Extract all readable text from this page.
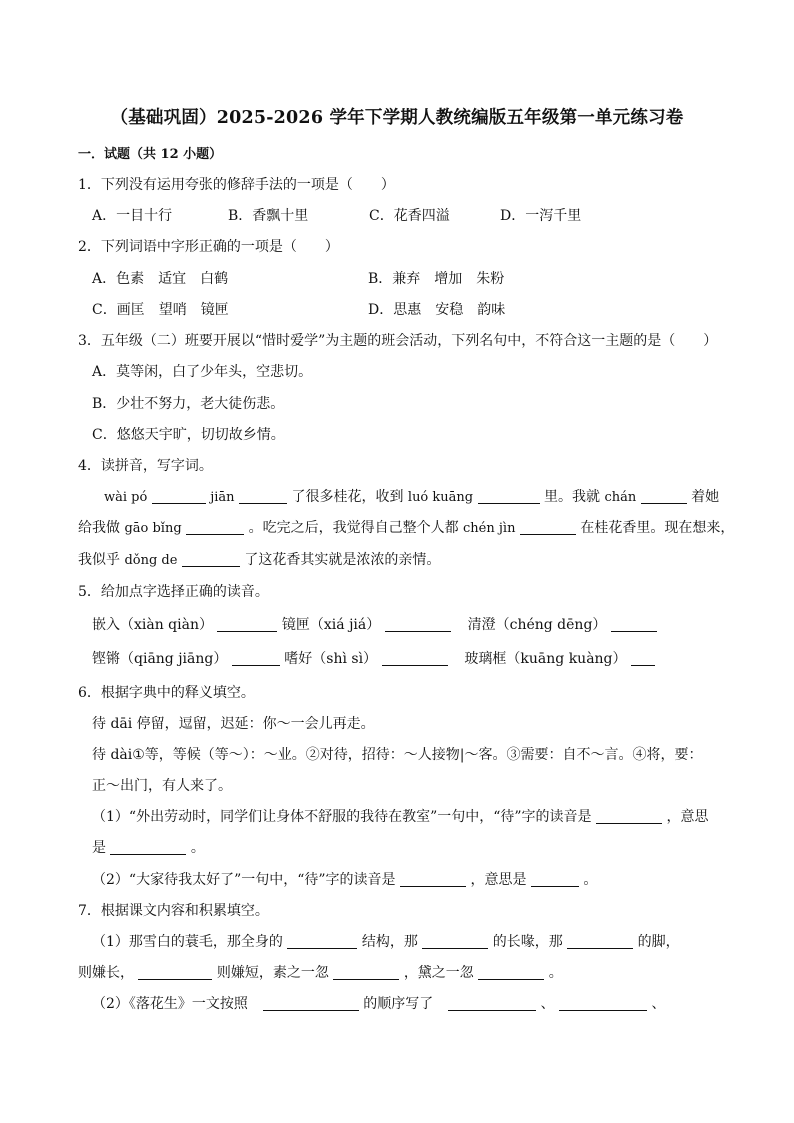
（基础巩固）2025-2026 学年下学期人教统编版五年级第一单元练习卷
一．试题（共 12 小题）
1．下列没有运用夸张的修辞手法的一项是（　　）
A．一目十行	B．香飘十里	C．花香四溢	D．一泻千里
2．下列词语中字形正确的一项是（　　）
A．色素　适宜　白鹤	B．兼弃　增加　朱粉
C．画匡　望哨　镜匣	D．思惠　安稳　韵味
3．五年级（二）班要开展以“惜时爱学”为主题的班会活动，下列名句中，不符合这一主题的是（　　）
A．莫等闲，白了少年头，空悲切。
B．少壮不努力，老大徒伤悲。
C．悠悠天宇旷，切切故乡情。
4．读拼音，写字词。
wài pó	jiān	了很多桂花，收到 luó kuāng	里。我就 chán	着她
给我做 gāo bǐng	。吃完之后，我觉得自己整个人都 chén jìn	在桂花香里。现在想来，
我似乎 dǒng de	了这花香其实就是浓浓的亲情。
5．给加点字选择正确的读音。
嵌入（xiàn qiàn）	镜匣（xiá jiá）	清澄（chéng dēng）
铿锵（qiāng jiāng）	嗜好（shì sì）	玻璃框（kuāng kuàng）
6．根据字典中的释义填空。
待 dāi 停留，逗留，迟延：你～一会儿再走。
待 dài①等，等候（等～）：～业。②对待，招待：～人接物|～客。③需要：自不～言。④将，要：
正～出门，有人来了。
（1）“外出劳动时，同学们让身体不舒服的我待在教室”一句中，“待”字的读音是	，意思
是	。
（2）“大家待我太好了”一句中，“待”字的读音是	，意思是	。
7．根据课文内容和积累填空。
（1）那雪白的蓑毛，那全身的	结构，那	的长喙，那	的脚，
则嫌长，	则嫌短，素之一忽	，黛之一忽	。
（2）《落花生》一文按照	的顺序写了	、	、
